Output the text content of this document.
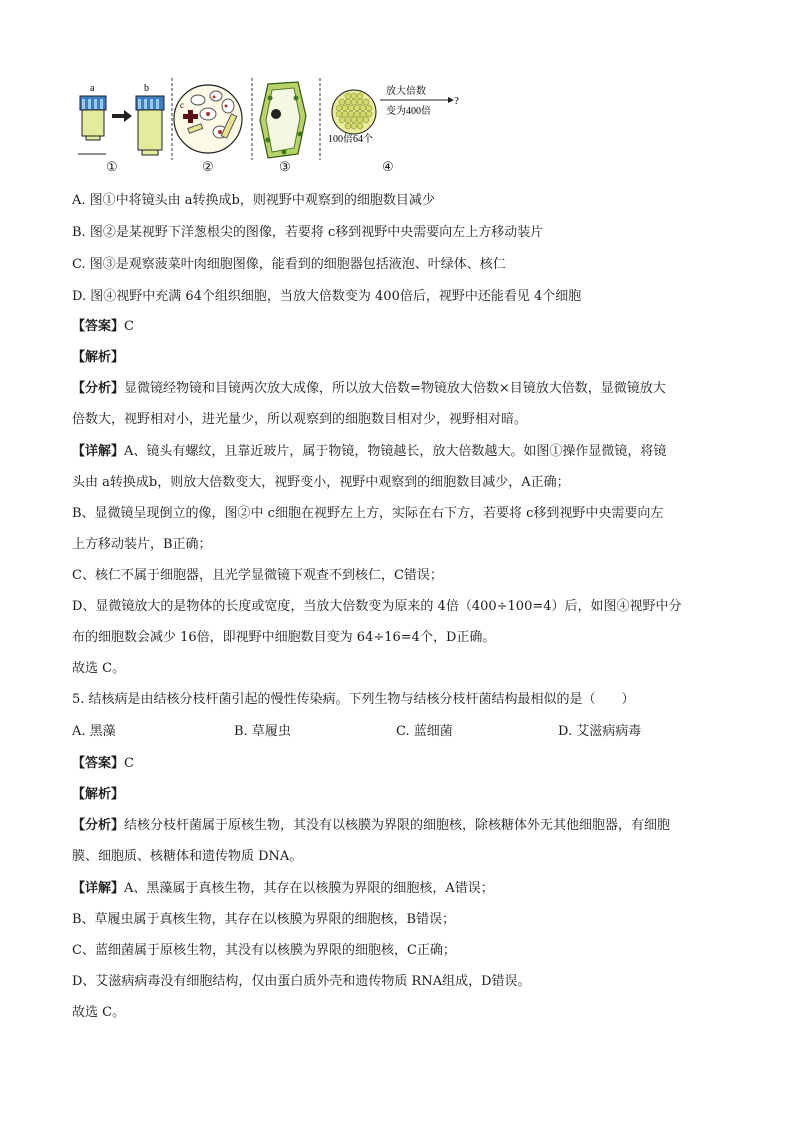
a	b
c
放大倍数
变为400倍
?
100倍64个
①	②	③	④
A. 图①中将镜头由 a转换成b，则视野中观察到的细胞数目减少
B. 图②是某视野下洋葱根尖的图像，若要将 c移到视野中央需要向左上方移动装片
C. 图③是观察菠菜叶肉细胞图像，能看到的细胞器包括液泡、叶绿体、核仁
D. 图④视野中充满 64个组织细胞，当放大倍数变为 400倍后，视野中还能看见 4个细胞
【答案】C
【解析】
【分析】显微镜经物镜和目镜两次放大成像，所以放大倍数=物镜放大倍数×目镜放大倍数，显微镜放大
倍数大，视野相对小，进光量少，所以观察到的细胞数目相对少，视野相对暗。
【详解】A、镜头有螺纹，且靠近玻片，属于物镜，物镜越长，放大倍数越大。如图①操作显微镜，将镜
头由 a转换成b，则放大倍数变大，视野变小，视野中观察到的细胞数目减少，A正确；
B、显微镜呈现倒立的像，图②中 c细胞在视野左上方，实际在右下方，若要将 c移到视野中央需要向左
上方移动装片，B正确；
C、核仁不属于细胞器，且光学显微镜下观查不到核仁，C错误；
D、显微镜放大的是物体的长度或宽度，当放大倍数变为原来的 4倍（400÷100=4）后，如图④视野中分
布的细胞数会减少 16倍，即视野中细胞数目变为 64÷16=4个，D正确。
故选 C。
5. 结核病是由结核分枝杆菌引起的慢性传染病。下列生物与结核分枝杆菌结构最相似的是（　　）
A. 黑藻	B. 草履虫	C. 蓝细菌	D. 艾滋病病毒
【答案】C
【解析】
【分析】结核分枝杆菌属于原核生物，其没有以核膜为界限的细胞核，除核糖体外无其他细胞器，有细胞
膜、细胞质、核糖体和遗传物质 DNA。
【详解】A、黑藻属于真核生物，其存在以核膜为界限的细胞核，A错误；
B、草履虫属于真核生物，其存在以核膜为界限的细胞核，B错误；
C、蓝细菌属于原核生物，其没有以核膜为界限的细胞核，C正确；
D、艾滋病病毒没有细胞结构，仅由蛋白质外壳和遗传物质 RNA组成，D错误。
故选 C。
